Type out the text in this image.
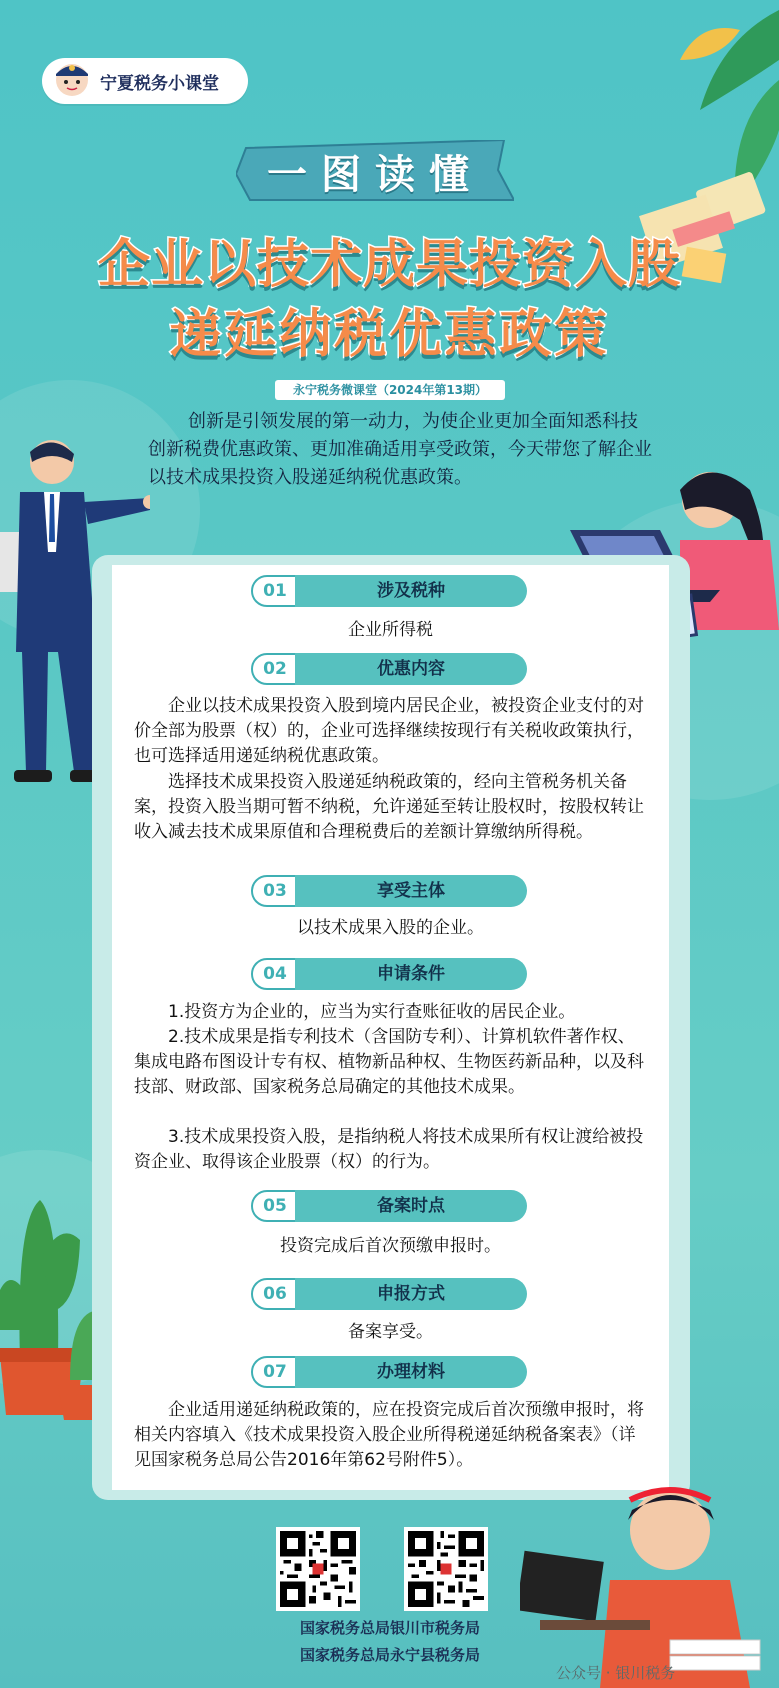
宁夏税务小课堂
一图读懂
企业以技术成果投资入股
递延纳税优惠政策
永宁税务微课堂（2024年第13期）
创新是引领发展的第一动力，为使企业更加全面知悉科技创新税费优惠政策、更加准确适用享受政策，今天带您了解企业以技术成果投资入股递延纳税优惠政策。
01	涉及税种
企业所得税
02	优惠内容
企业以技术成果投资入股到境内居民企业，被投资企业支付的对价全部为股票（权）的，企业可选择继续按现行有关税收政策执行，也可选择适用递延纳税优惠政策。
选择技术成果投资入股递延纳税政策的，经向主管税务机关备案，投资入股当期可暂不纳税，允许递延至转让股权时，按股权转让收入减去技术成果原值和合理税费后的差额计算缴纳所得税。
03	享受主体
以技术成果入股的企业。
04	申请条件
1.投资方为企业的，应当为实行查账征收的居民企业。
2.技术成果是指专利技术（含国防专利）、计算机软件著作权、集成电路布图设计专有权、植物新品种权、生物医药新品种，以及科技部、财政部、国家税务总局确定的其他技术成果。
3.技术成果投资入股，是指纳税人将技术成果所有权让渡给被投资企业、取得该企业股票（权）的行为。
05	备案时点
投资完成后首次预缴申报时。
06	申报方式
备案享受。
07	办理材料
企业适用递延纳税政策的，应在投资完成后首次预缴申报时，将相关内容填入《技术成果投资入股企业所得税递延纳税备案表》（详见国家税务总局公告2016年第62号附件5）。
国家税务总局银川市税务局
国家税务总局永宁县税务局
公众号 · 银川税务
